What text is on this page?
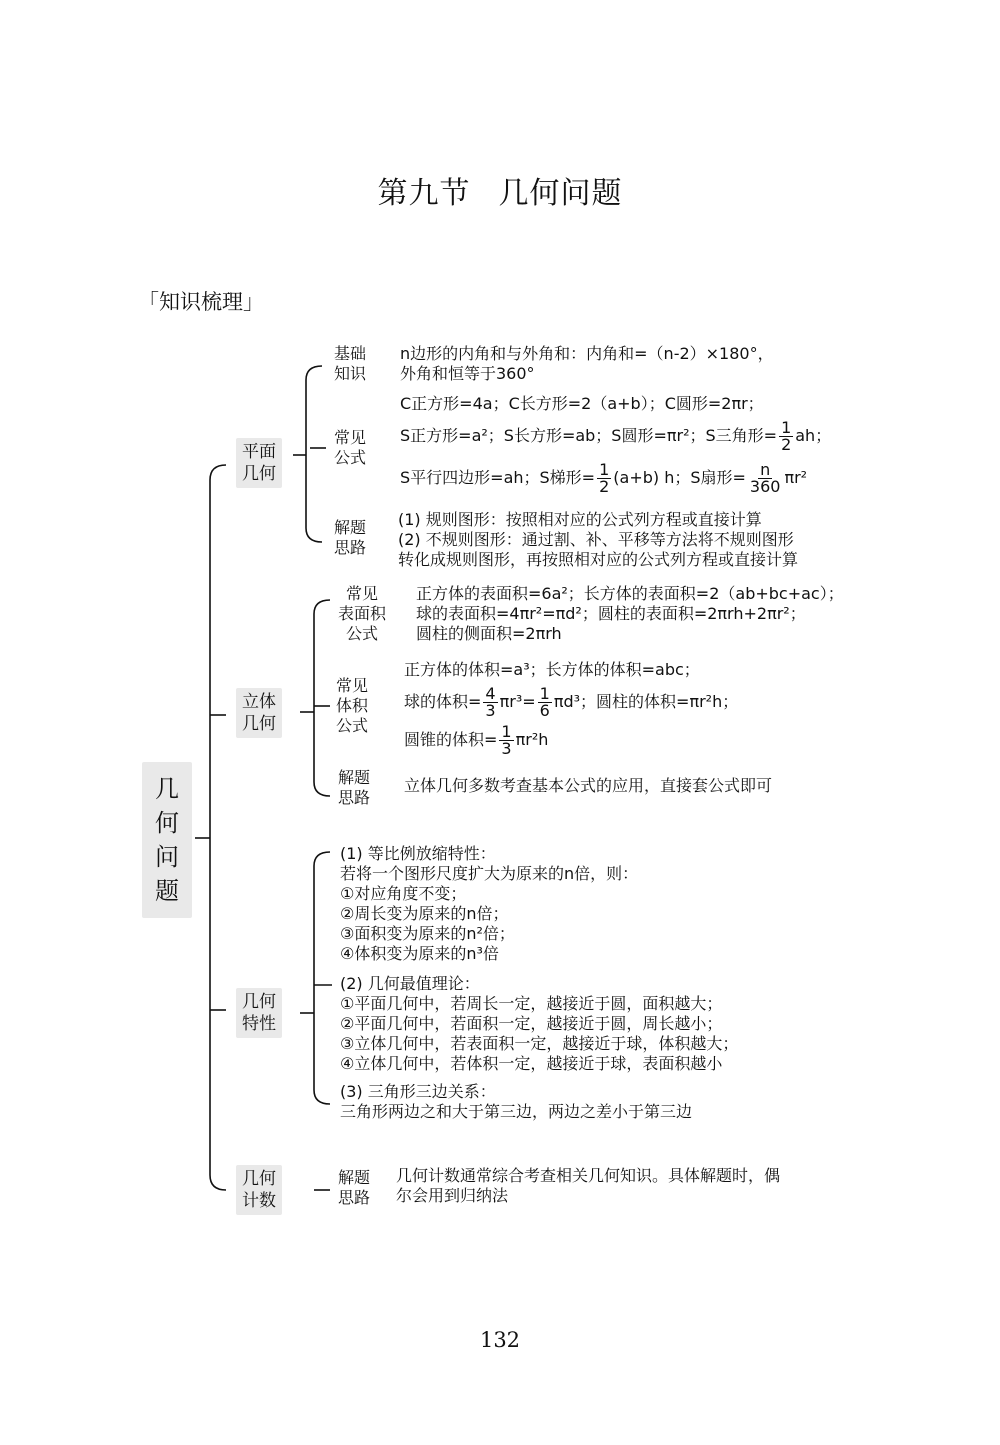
第九节 几何问题
「知识梳理」
几
何
问
题
平面
几何
基础
知识
n边形的内角和与外角和：内角和=（n-2）×180°，
外角和恒等于360°
常见
公式
C正方形=4a；C长方形=2（a+b）；C圆形=2πr；
S正方形=a²；S长方形=ab；S圆形=πr²；S三角形= $\frac{1}{2}$ ah；
S平行四边形=ah；S梯形= $\frac{1}{2} (a+b)$ h；S扇形= $\frac{n}{360} \pi r^2$
解题
思路
(1) 规则图形：按照相对应的公式列方程或直接计算
(2) 不规则图形：通过割、补、平移等方法将不规则图形
转化成规则图形，再按照相对应的公式列方程或直接计算
立体
几何
常见
表面积
公式
正方体的表面积=6a²；长方体的表面积=2（ab+bc+ac）；
球的表面积=4πr²=πd²；圆柱的表面积=2πrh+2πr²；
圆柱的侧面积=2πrh
常见
体积
公式
正方体的体积=a³；长方体的体积=abc；
球的体积= $\frac{4}{3} \pi r^3= \frac{1}{6} \pi d^3$；圆柱的体积=πr²h；
圆锥的体积= $\frac{1}{3} \pi r^2h$
解题
思路
立体几何多数考查基本公式的应用，直接套公式即可
几何
特性
(1) 等比例放缩特性：
若将一个图形尺度扩大为原来的n倍，则：
①对应角度不变；
②周长变为原来的n倍；
③面积变为原来的n²倍；
④体积变为原来的n³倍
(2) 几何最值理论：
①平面几何中，若周长一定，越接近于圆，面积越大；
②平面几何中，若面积一定，越接近于圆，周长越小；
③立体几何中，若表面积一定，越接近于球，体积越大；
④立体几何中，若体积一定，越接近于球，表面积越小
(3) 三角形三边关系：
三角形两边之和大于第三边，两边之差小于第三边
几何
计数
解题
思路
几何计数通常综合考查相关几何知识。具体解题时，偶
尔会用到归纳法
132
